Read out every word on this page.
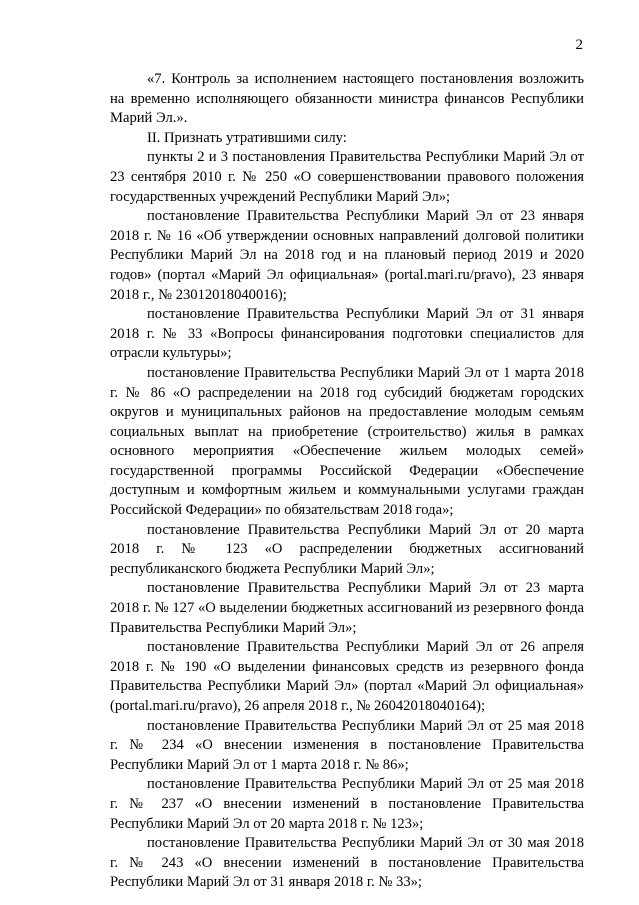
2

«7. Контроль за исполнением настоящего постановления возложить на временно исполняющего обязанности министра финансов Республики Марий Эл.».

II. Признать утратившими силу:

пункты 2 и 3 постановления Правительства Республики Марий Эл от 23 сентября 2010 г. № 250 «О совершенствовании правового положения государственных учреждений Республики Марий Эл»;

постановление Правительства Республики Марий Эл от 23 января 2018 г. № 16 «Об утверждении основных направлений долговой политики Республики Марий Эл на 2018 год и на плановый период 2019 и 2020 годов» (портал «Марий Эл официальная» (portal.mari.ru/pravo), 23 января 2018 г., № 23012018040016);

постановление Правительства Республики Марий Эл от 31 января 2018 г. № 33 «Вопросы финансирования подготовки специалистов для отрасли культуры»;

постановление Правительства Республики Марий Эл от 1 марта 2018 г. № 86 «О распределении на 2018 год субсидий бюджетам городских округов и муниципальных районов на предоставление молодым семьям социальных выплат на приобретение (строительство) жилья в рамках основного мероприятия «Обеспечение жильем молодых семей» государственной программы Российской Федерации «Обеспечение доступным и комфортным жильем и коммунальными услугами граждан Российской Федерации» по обязательствам 2018 года»;

постановление Правительства Республики Марий Эл от 20 марта 2018 г. № 123 «О распределении бюджетных ассигнований республиканского бюджета Республики Марий Эл»;

постановление Правительства Республики Марий Эл от 23 марта 2018 г. № 127 «О выделении бюджетных ассигнований из резервного фонда Правительства Республики Марий Эл»;

постановление Правительства Республики Марий Эл от 26 апреля 2018 г. № 190 «О выделении финансовых средств из резервного фонда Правительства Республики Марий Эл» (портал «Марий Эл официальная» (portal.mari.ru/pravo), 26 апреля 2018 г., № 26042018040164);

постановление Правительства Республики Марий Эл от 25 мая 2018 г. № 234 «О внесении изменения в постановление Правительства Республики Марий Эл от 1 марта 2018 г. № 86»;

постановление Правительства Республики Марий Эл от 25 мая 2018 г. № 237 «О внесении изменений в постановление Правительства Республики Марий Эл от 20 марта 2018 г. № 123»;

постановление Правительства Республики Марий Эл от 30 мая 2018 г. № 243 «О внесении изменений в постановление Правительства Республики Марий Эл от 31 января 2018 г. № 33»;
